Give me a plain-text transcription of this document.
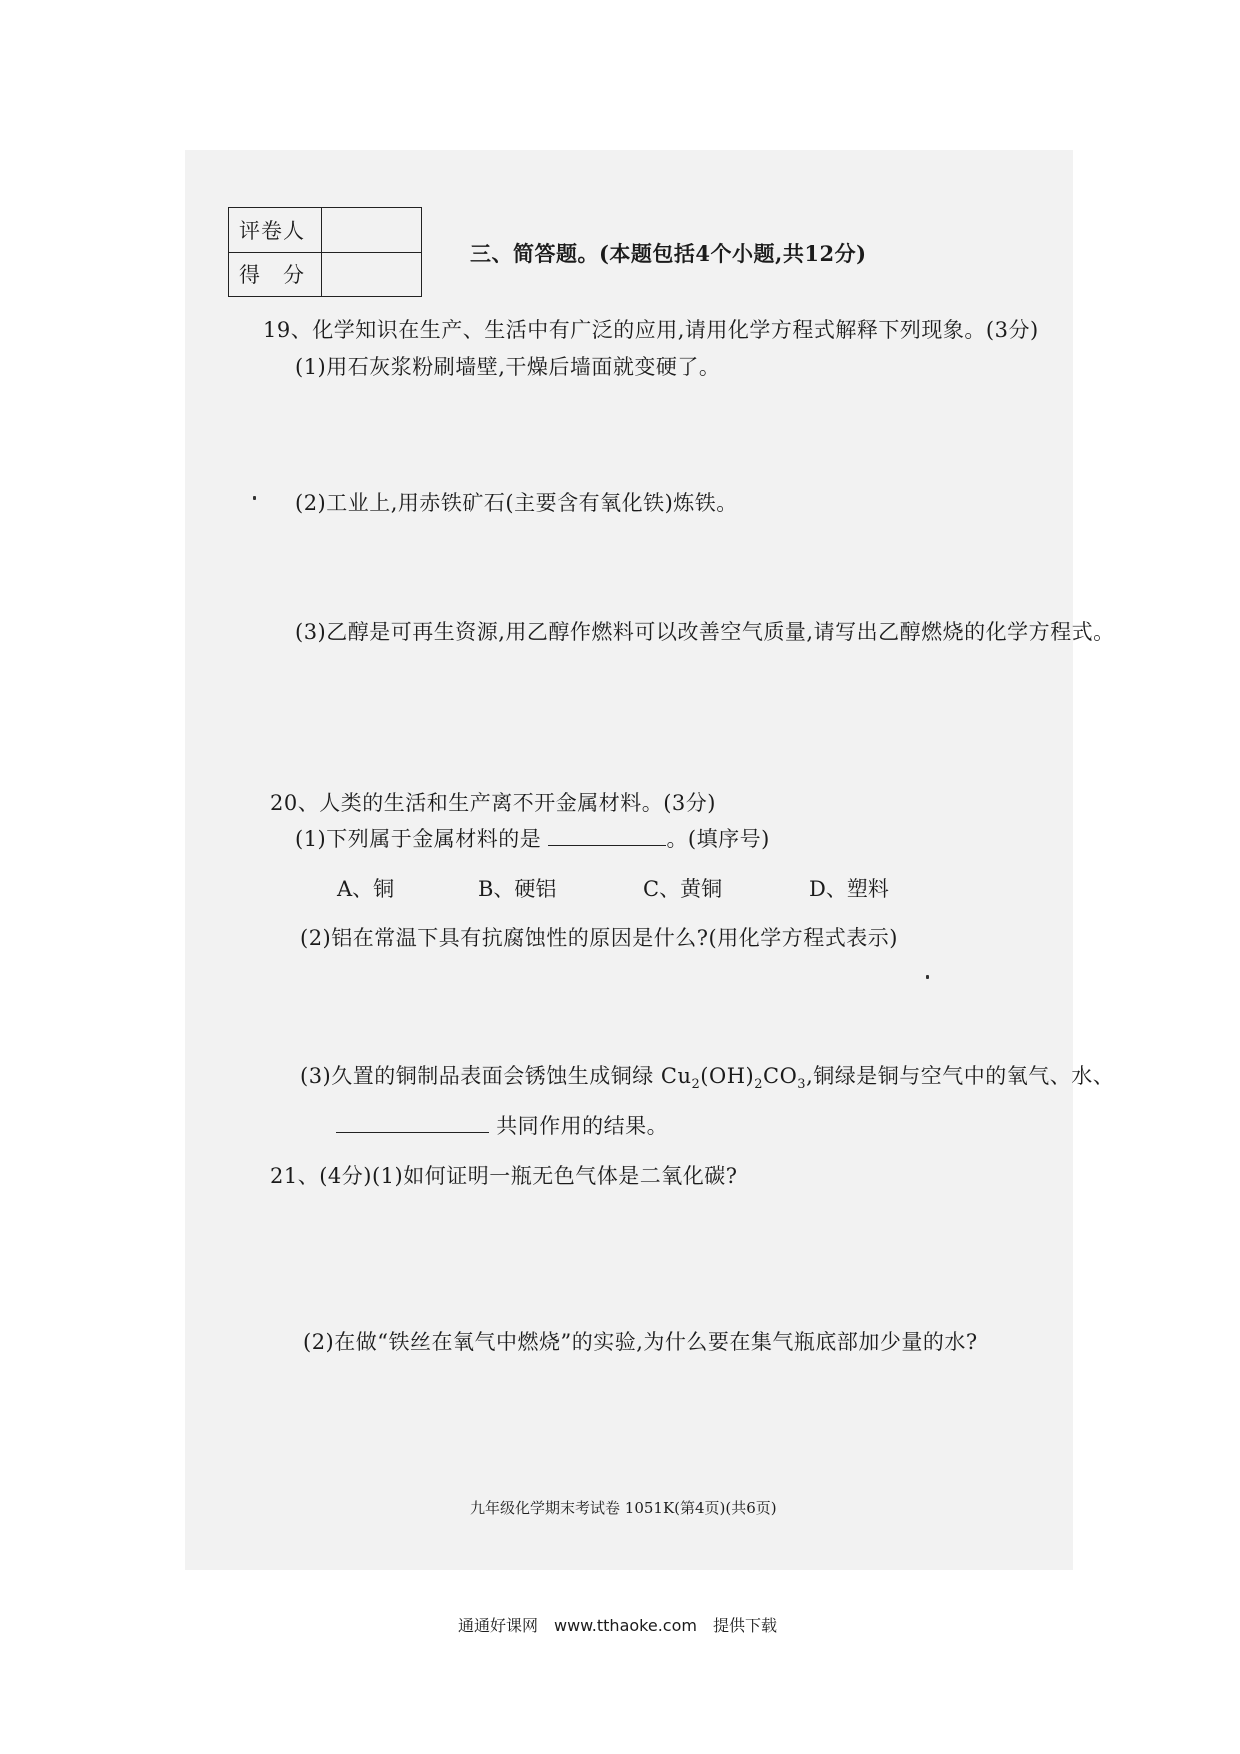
评卷人	
得　分	
三、简答题。(本题包括4个小题,共12分)
19、化学知识在生产、生活中有广泛的应用,请用化学方程式解释下列现象。(3分)
(1)用石灰浆粉刷墙壁,干燥后墙面就变硬了。
(2)工业上,用赤铁矿石(主要含有氧化铁)炼铁。
(3)乙醇是可再生资源,用乙醇作燃料可以改善空气质量,请写出乙醇燃烧的化学方程式。
20、人类的生活和生产离不开金属材料。(3分)
(1)下列属于金属材料的是	。(填序号)
A、铜	B、硬铝	C、黄铜	D、塑料
(2)铝在常温下具有抗腐蚀性的原因是什么?(用化学方程式表示)
(3)久置的铜制品表面会锈蚀生成铜绿 $Cu_2(OH)_2CO_3$,铜绿是铜与空气中的氧气、水、
共同作用的结果。
21、(4分)(1)如何证明一瓶无色气体是二氧化碳?
(2)在做“铁丝在氧气中燃烧”的实验,为什么要在集气瓶底部加少量的水?
九年级化学期末考试卷 1051K(第4页)(共6页)
通通好课网　www.tthaoke.com　提供下载
